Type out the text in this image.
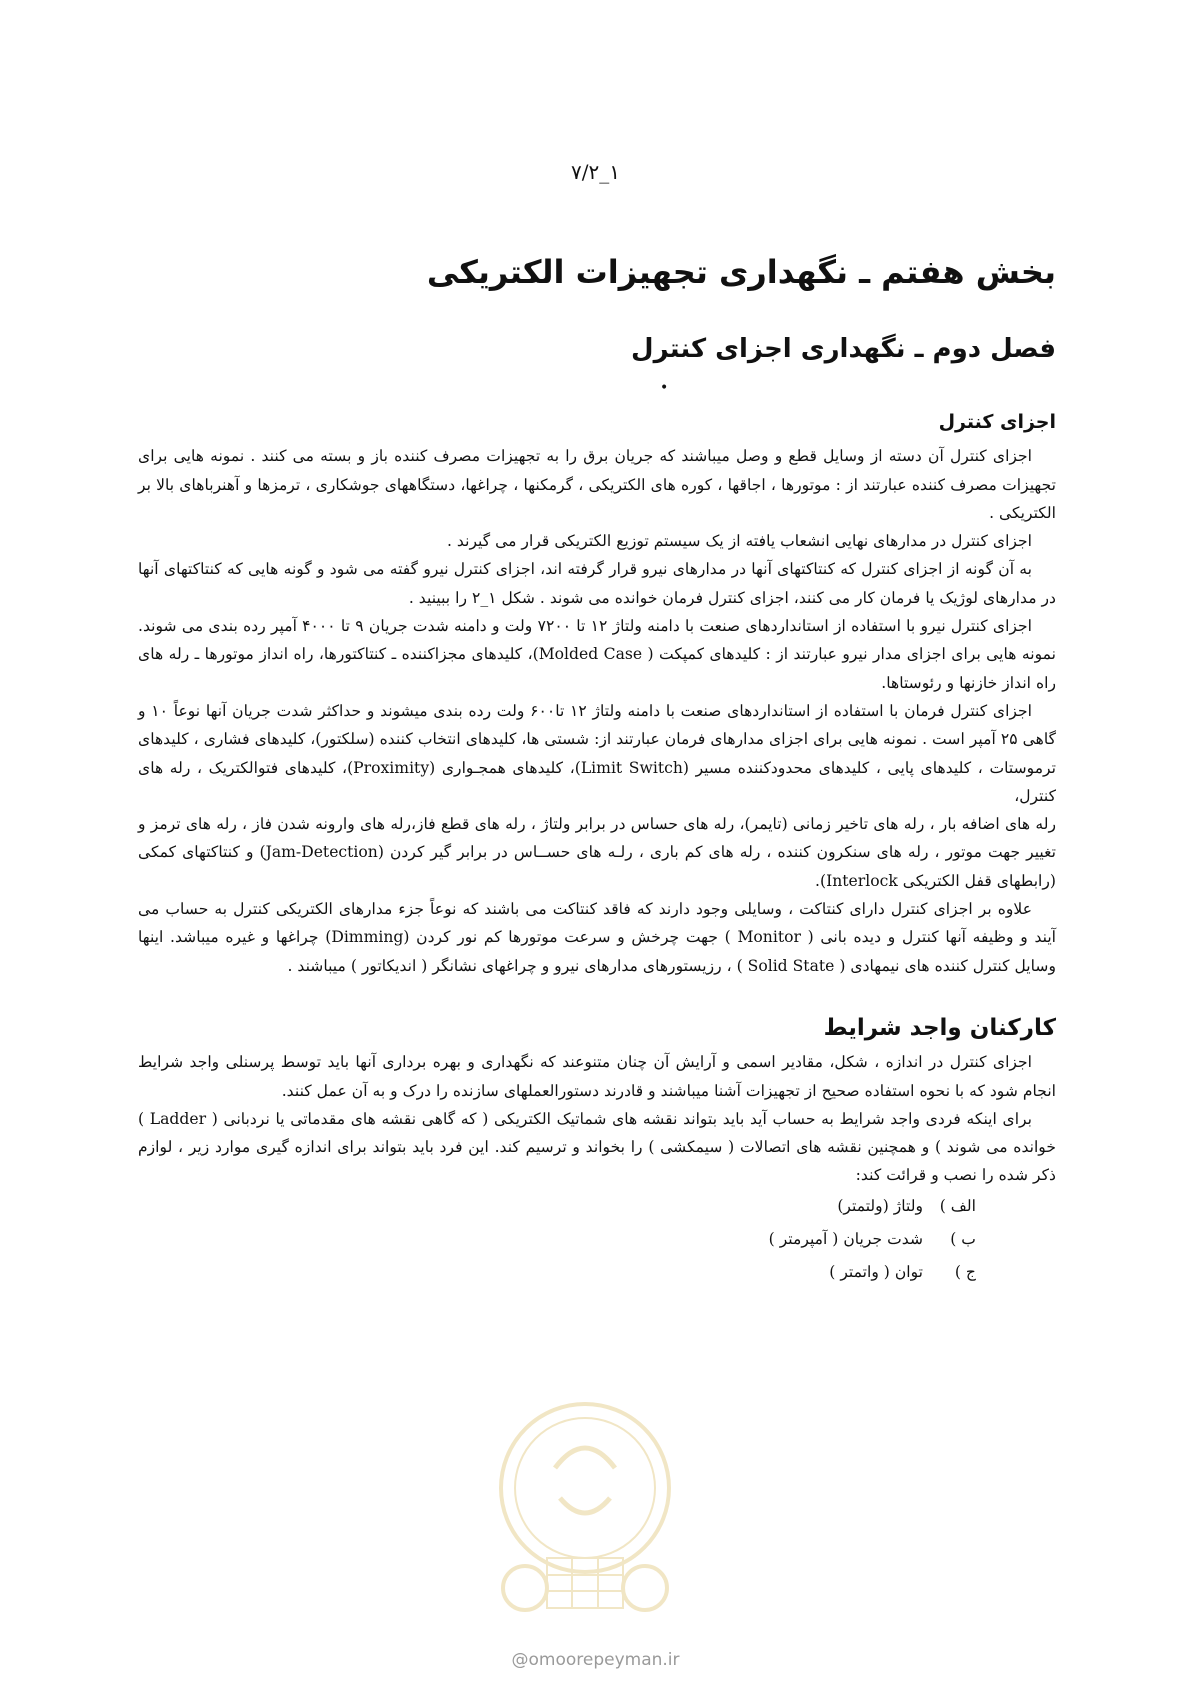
۷/۲_۱
بخش هفتم ـ نگهداری تجهیزات الکتریکی
فصل دوم ـ نگهداری اجزای کنترل
•
اجزای کنترل

اجزای کنترل آن دسته از وسایل قطع و وصل میباشند که جریان برق را به تجهیزات مصرف کننده باز و بسته می کنند . نمونه هایی برای تجهیزات مصرف کننده عبارتند از : موتورها ، اجاقها ، کوره های الکتریکی ، گرمکنها ، چراغها، دستگاههای جوشکاری ، ترمزها و آهنرباهای بالا بر الکتریکی .

اجزای کنترل در مدارهای نهایی انشعاب یافته از یک سیستم توزیع الکتریکی قرار می گیرند .

به آن گونه از اجزای کنترل که کنتاکتهای آنها در مدارهای نیرو قرار گرفته اند، اجزای کنترل نیرو گفته می شود و گونه هایی که کنتاکتهای آنها در مدارهای لوژیک یا فرمان کار می کنند، اجزای کنترل فرمان خوانده می شوند . شکل ۱_۲ را ببینید .

اجزای کنترل نیرو با استفاده از استانداردهای صنعت با دامنه ولتاژ ۱۲ تا ۷۲۰۰ ولت و دامنه شدت جریان ۹ تا ۴۰۰۰ آمپر رده بندی می شوند. نمونه هایی برای اجزای مدار نیرو عبارتند از : کلیدهای کمپکت ( Molded Case)، کلیدهای مجزاکننده ـ کنتاکتورها، راه انداز موتورها ـ رله های راه انداز خازنها و رئوستاها.

اجزای کنترل فرمان با استفاده از استانداردهای صنعت با دامنه ولتاژ ۱۲ تا۶۰۰ ولت رده بندی میشوند و حداکثر شدت جریان آنها نوعاً ۱۰ و گاهی ۲۵ آمپر است . نمونه هایی برای اجزای مدارهای فرمان عبارتند از: شستی ها، کلیدهای انتخاب کننده (سلکتور)، کلیدهای فشاری ، کلیدهای ترموستات ، کلیدهای پایی ، کلیدهای محدودکننده مسیر (Limit Switch)، کلیدهای همجـواری (Proximity)، کلیدهای فتوالکتریک ، رله های کنترل،

رله های اضافه بار ، رله های تاخیر زمانی (تایمر)، رله های حساس در برابر ولتاژ ، رله های قطع فاز،رله های وارونه شدن فاز ، رله های ترمز و تغییر جهت موتور ، رله های سنکرون کننده ، رله های کم باری ، رلـه های حســاس در برابر گیر کردن (Jam-Detection) و کنتاکتهای کمکی (رابطهای قفل الکتریکی Interlock).

علاوه بر اجزای کنترل دارای کنتاکت ، وسایلی وجود دارند که فاقد کنتاکت می باشند که نوعاً جزء مدارهای الکتریکی کنترل به حساب می آیند و وظیفه آنها کنترل و دیده بانی ( Monitor ) جهت چرخش و سرعت موتورها کم نور کردن (Dimming) چراغها و غیره میباشد. اینها وسایل کنترل کننده های نیمهادی ( Solid State ) ، رزیستورهای مدارهای نیرو و چراغهای نشانگر ( اندیکاتور ) میباشند .

کارکنان واجد شرایط

اجزای کنترل در اندازه ، شکل، مقادیر اسمی و آرایش آن چنان متنوعند که نگهداری و بهره برداری آنها باید توسط پرسنلی واجد شرایط انجام شود که با نحوه استفاده صحیح از تجهیزات آشنا میباشند و قادرند دستورالعملهای سازنده را درک و به آن عمل کنند.

برای اینکه فردی واجد شرایط به حساب آید باید بتواند نقشه های شماتیک الکتریکی ( که گاهی نقشه های مقدماتی یا نردبانی ( Ladder ) خوانده می شوند ) و همچنین نقشه های اتصالات ( سیمکشی ) را بخواند و ترسیم کند. این فرد باید بتواند برای اندازه گیری موارد زیر ، لوازم ذکر شده را نصب و قرائت کند:

الف ) ولتاژ (ولتمتر)
ب ) شدت جریان ( آمپرمتر )
ج ) توان ( واتمتر )
@omoorepeyman.ir
